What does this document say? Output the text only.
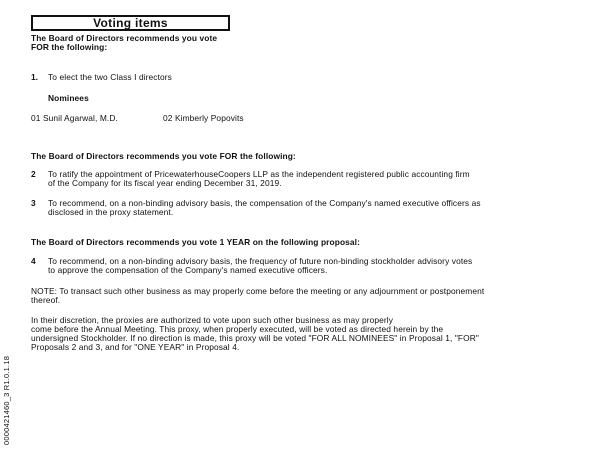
Voting items
The Board of Directors recommends you vote
FOR the following:
1. To elect the two Class I directors
Nominees
01 Sunil Agarwal, M.D.	02 Kimberly Popovits
The Board of Directors recommends you vote FOR the following:
2 To ratify the appointment of PricewaterhouseCoopers LLP as the independent registered public accounting firm
of the Company for its fiscal year ending December 31, 2019.
3 To recommend, on a non-binding advisory basis, the compensation of the Company's named executive officers as
disclosed in the proxy statement.
The Board of Directors recommends you vote 1 YEAR on the following proposal:
4 To recommend, on a non-binding advisory basis, the frequency of future non-binding stockholder advisory votes
to approve the compensation of the Company's named executive officers.
NOTE: To transact such other business as may properly come before the meeting or any adjournment or postponement
thereof.
In their discretion, the proxies are authorized to vote upon such other business as may properly
come before the Annual Meeting. This proxy, when properly executed, will be voted as directed herein by the
undersigned Stockholder. If no direction is made, this proxy will be voted "FOR ALL NOMINEES" in Proposal 1, "FOR"
Proposals 2 and 3, and for "ONE YEAR" in Proposal 4.
0000421460_3 R1.0.1.18
